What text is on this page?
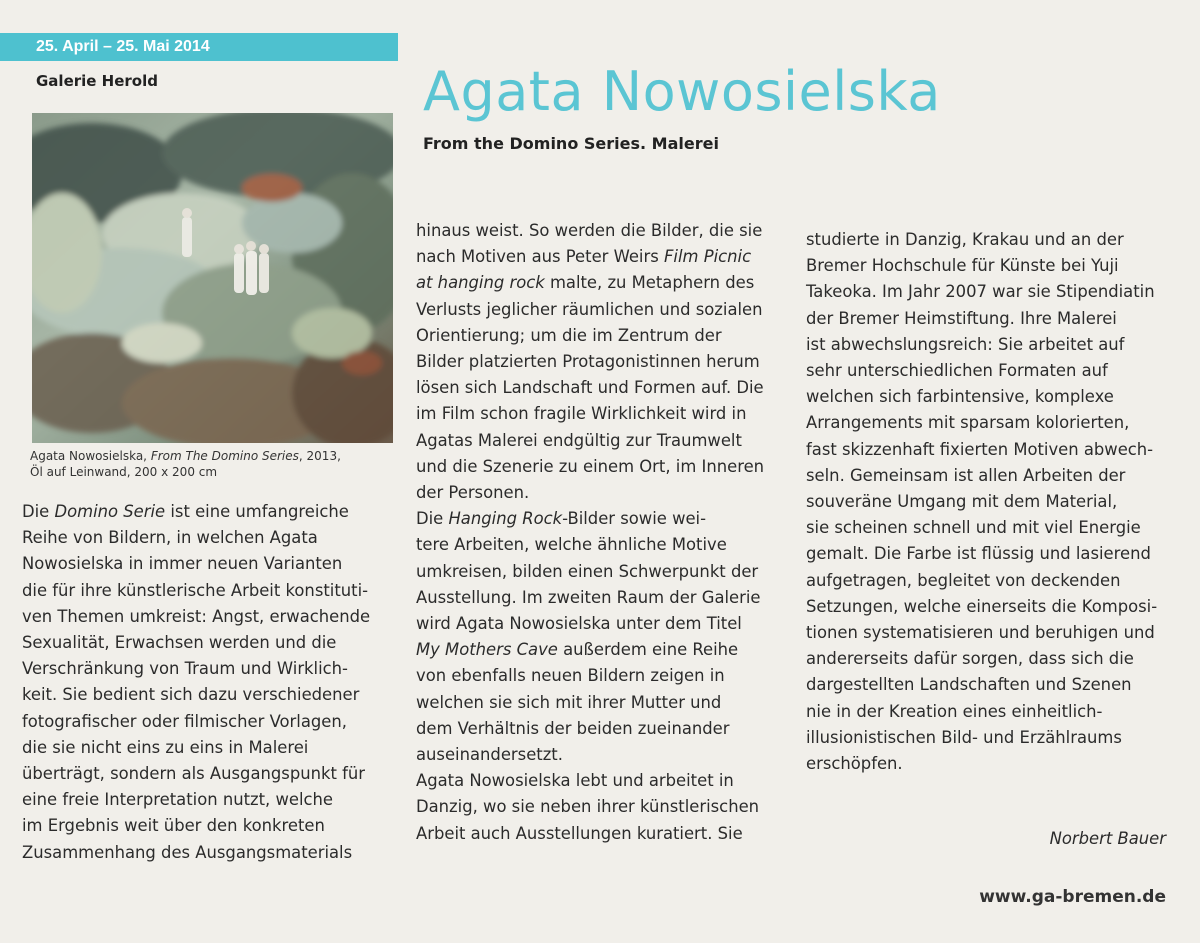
25. April – 25. Mai 2014
Galerie Herold	Agata Nowosielska
From the Domino Series. Malerei
Agata Nowosielska, From The Domino Series, 2013,
Öl auf Leinwand, 200 x 200 cm

Die Domino Serie ist eine umfangreiche

Reihe von Bildern, in welchen Agata

Nowosielska in immer neuen Varianten

die für ihre künstlerische Arbeit konstituti-

ven Themen umkreist: Angst, erwachende

Sexualität, Erwachsen werden und die

Verschränkung von Traum und Wirklich-

keit. Sie bedient sich dazu verschiedener

fotografischer oder filmischer Vorlagen,

die sie nicht eins zu eins in Malerei

überträgt, sondern als Ausgangspunkt für

eine freie Interpretation nutzt, welche

im Ergebnis weit über den konkreten

Zusammenhang des Ausgangsmaterials

hinaus weist. So werden die Bilder, die sie

nach Motiven aus Peter Weirs Film Picnic

at hanging rock malte, zu Metaphern des

Verlusts jeglicher räumlichen und sozialen

Orientierung; um die im Zentrum der

Bilder platzierten Protagonistinnen herum

lösen sich Landschaft und Formen auf. Die

im Film schon fragile Wirklichkeit wird in

Agatas Malerei endgültig zur Traumwelt

und die Szenerie zu einem Ort, im Inneren

der Personen.

Die Hanging Rock-Bilder sowie wei-

tere Arbeiten, welche ähnliche Motive

umkreisen, bilden einen Schwerpunkt der

Ausstellung. Im zweiten Raum der Galerie

wird Agata Nowosielska unter dem Titel

My Mothers Cave außerdem eine Reihe

von ebenfalls neuen Bildern zeigen in

welchen sie sich mit ihrer Mutter und

dem Verhältnis der beiden zueinander

auseinandersetzt.

Agata Nowosielska lebt und arbeitet in

Danzig, wo sie neben ihrer künstlerischen

Arbeit auch Ausstellungen kuratiert. Sie

studierte in Danzig, Krakau und an der

Bremer Hochschule für Künste bei Yuji

Takeoka. Im Jahr 2007 war sie Stipendiatin

der Bremer Heimstiftung. Ihre Malerei

ist abwechslungsreich: Sie arbeitet auf

sehr unterschiedlichen Formaten auf

welchen sich farbintensive, komplexe

Arrangements mit sparsam kolorierten,

fast skizzenhaft fixierten Motiven abwech-

seln. Gemeinsam ist allen Arbeiten der

souveräne Umgang mit dem Material,

sie scheinen schnell und mit viel Energie

gemalt. Die Farbe ist flüssig und lasierend

aufgetragen, begleitet von deckenden

Setzungen, welche einerseits die Komposi-

tionen systematisieren und beruhigen und

andererseits dafür sorgen, dass sich die

dargestellten Landschaften und Szenen

nie in der Kreation eines einheitlich-

illusionistischen Bild- und Erzählraums

erschöpfen.

Norbert Bauer
www.ga-bremen.de
